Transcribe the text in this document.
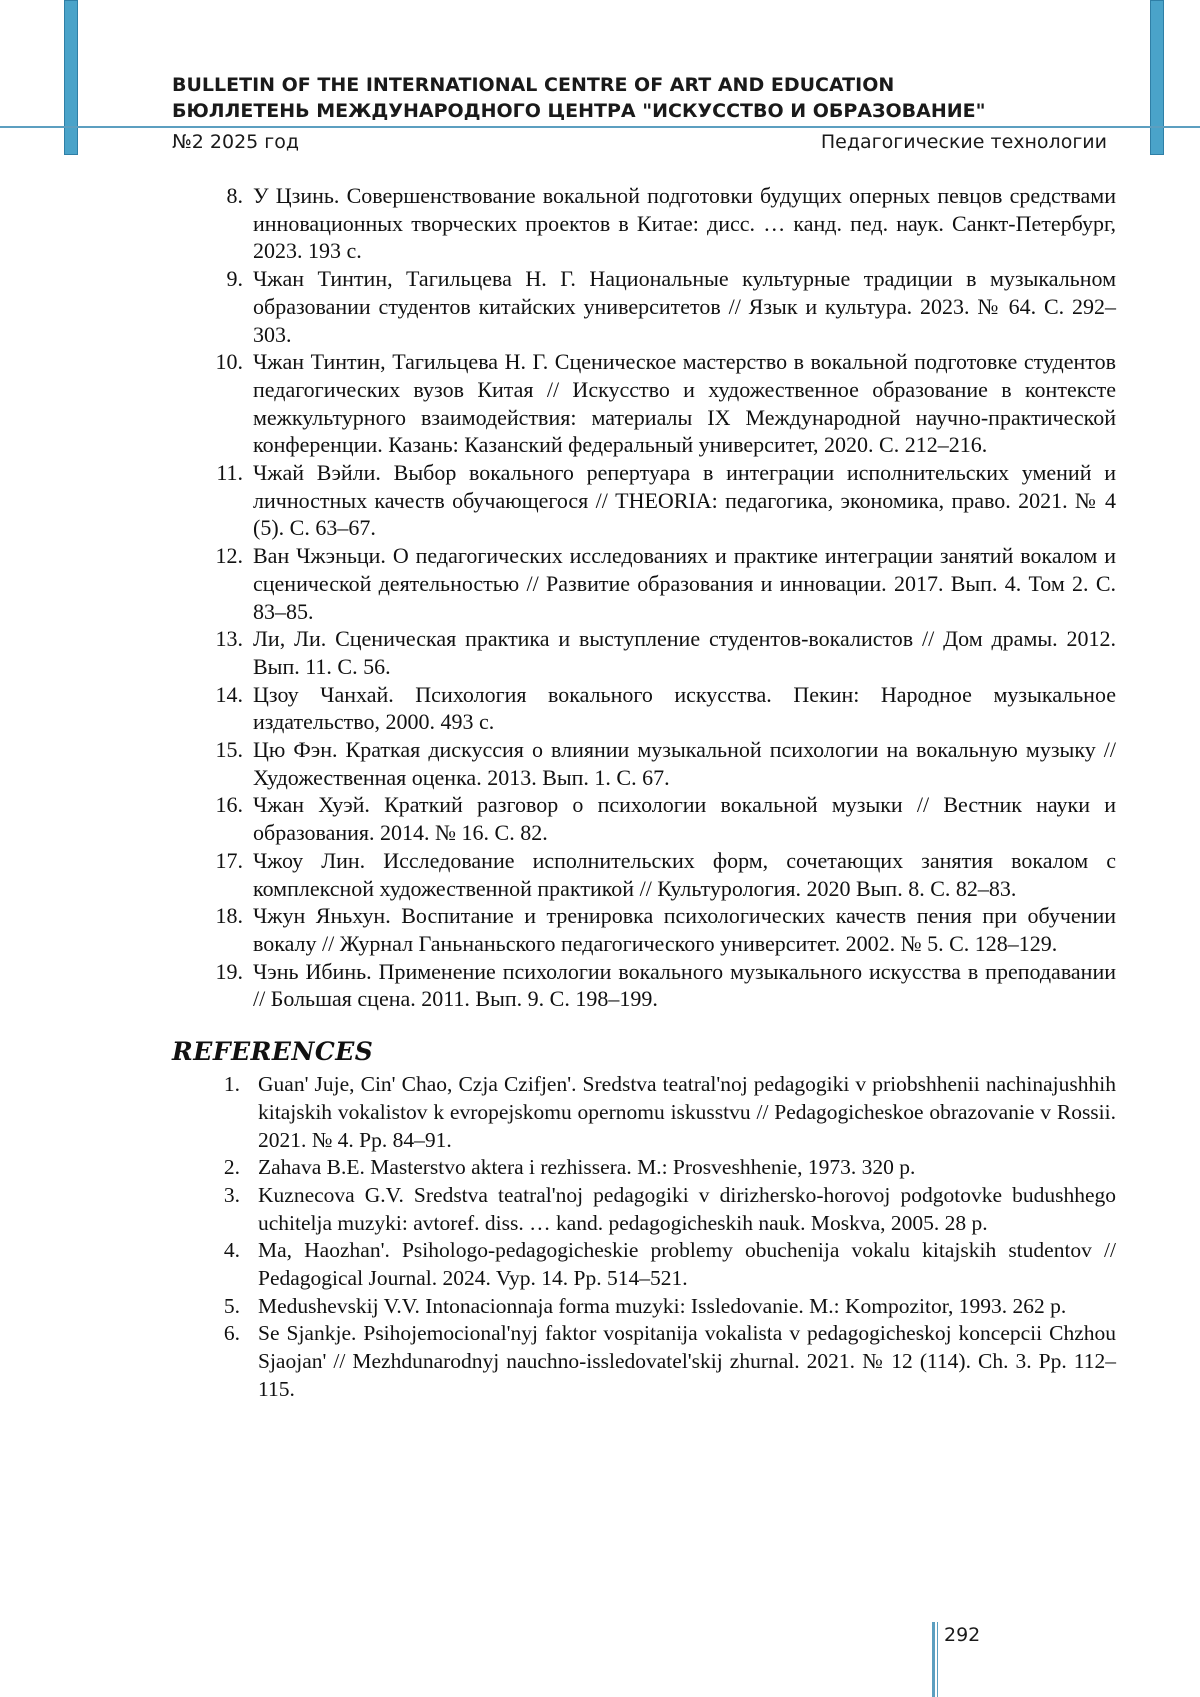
BULLETIN OF THE INTERNATIONAL CENTRE OF ART AND EDUCATION
БЮЛЛЕТЕНЬ МЕЖДУНАРОДНОГО ЦЕНТРА "ИСКУССТВО И ОБРАЗОВАНИЕ"
№2 2025 год	Педагогические технологии
8. У Цзинь. Совершенствование вокальной подготовки будущих оперных певцов средствами инновационных творческих проектов в Китае: дисс. … канд. пед. наук. Санкт-Петербург, 2023. 193 с.
9. Чжан Тинтин, Тагильцева Н. Г. Национальные культурные традиции в музыкальном образовании студентов китайских университетов // Язык и культура. 2023. № 64. С. 292–303.
10. Чжан Тинтин, Тагильцева Н. Г. Сценическое мастерство в вокальной подготовке студентов педагогических вузов Китая // Искусство и художественное образование в контексте межкультурного взаимодействия: материалы IX Международной научно-практической конференции. Казань: Казанский федеральный университет, 2020. С. 212–216.
11. Чжай Вэйли. Выбор вокального репертуара в интеграции исполнительских умений и личностных качеств обучающегося // THEORIA: педагогика, экономика, право. 2021. № 4 (5). С. 63–67.
12. Ван Чжэньци. О педагогических исследованиях и практике интеграции занятий вокалом и сценической деятельностью // Развитие образования и инновации. 2017. Вып. 4. Том 2. С. 83–85.
13. Ли, Ли. Сценическая практика и выступление студентов-вокалистов // Дом драмы. 2012. Вып. 11. С. 56.
14. Цзоу Чанхай. Психология вокального искусства. Пекин: Народное музыкальное издательство, 2000. 493 с.
15. Цю Фэн. Краткая дискуссия о влиянии музыкальной психологии на вокальную музыку // Художественная оценка. 2013. Вып. 1. С. 67.
16. Чжан Хуэй. Краткий разговор о психологии вокальной музыки // Вестник науки и образования. 2014. № 16. С. 82.
17. Чжоу Лин. Исследование исполнительских форм, сочетающих занятия вокалом с комплексной художественной практикой // Культурология. 2020 Вып. 8. С. 82–83.
18. Чжун Яньхун. Воспитание и тренировка психологических качеств пения при обучении вокалу // Журнал Ганьнаньского педагогического университет. 2002. № 5. С. 128–129.
19. Чэнь Ибинь. Применение психологии вокального музыкального искусства в преподавании // Большая сцена. 2011. Вып. 9. С. 198–199.
REFERENCES
1. Guan' Juje, Cin' Chao, Czja Czifjen'. Sredstva teatral'noj pedagogiki v priobshhenii nachinajushhih kitajskih vokalistov k evropejskomu opernomu iskusstvu // Pedagogicheskoe obrazovanie v Rossii. 2021. № 4. Pp. 84–91.
2. Zahava B.E. Masterstvo aktera i rezhissera. M.: Prosveshhenie, 1973. 320 p.
3. Kuznecova G.V. Sredstva teatral'noj pedagogiki v dirizhersko-horovoj podgotovke budushhego uchitelja muzyki: avtoref. diss. … kand. pedagogicheskih nauk. Moskva, 2005. 28 p.
4. Ma, Haozhan'. Psihologo-pedagogicheskie problemy obuchenija vokalu kitajskih studentov // Pedagogical Journal. 2024. Vyp. 14. Pp. 514–521.
5. Medushevskij V.V. Intonacionnaja forma muzyki: Issledovanie. M.: Kompozitor, 1993. 262 p.
6. Se Sjankje. Psihojemocional'nyj faktor vospitanija vokalista v pedagogicheskoj koncepcii Chzhou Sjaojan' // Mezhdunarodnyj nauchno-issledovatel'skij zhurnal. 2021. № 12 (114). Ch. 3. Pp. 112–115.
292
